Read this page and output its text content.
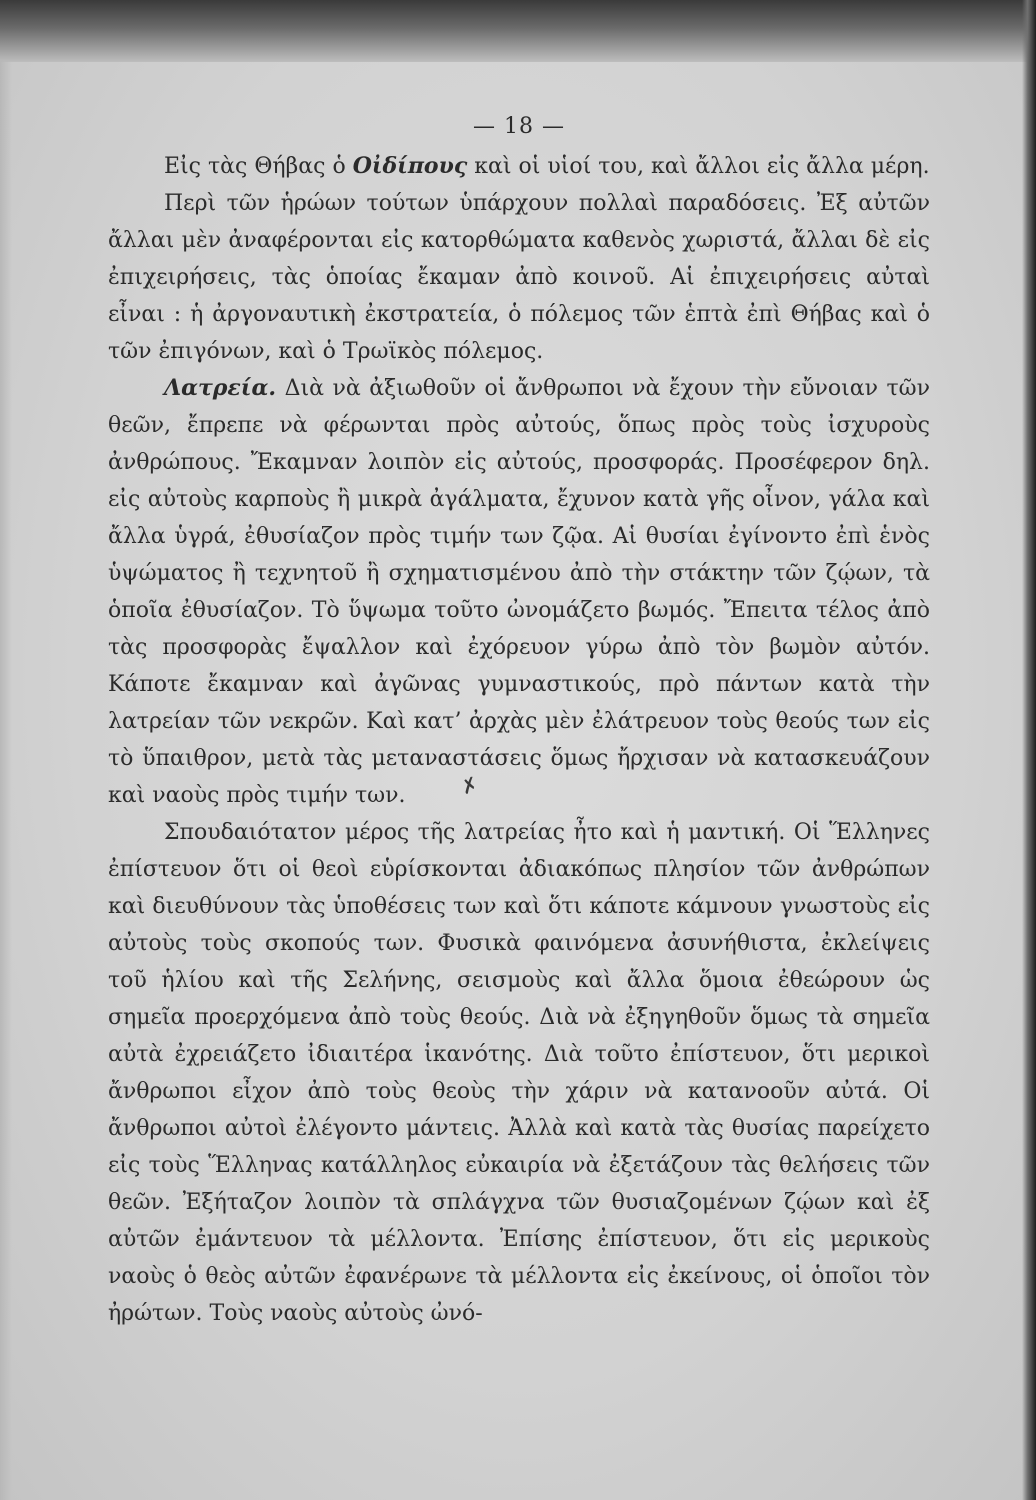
— 18 —

Εἰς τὰς Θήβας ὁ Οἰδίπους καὶ οἱ υἱοί του, καὶ ἄλλοι εἰς ἄλλα μέρη.

Περὶ τῶν ἡρώων τούτων ὑπάρχουν πολλαὶ παραδόσεις. Ἐξ αὐτῶν ἄλλαι μὲν ἀναφέρονται εἰς κατορθώματα καθενὸς χωριστά, ἄλλαι δὲ εἰς ἐπιχειρήσεις, τὰς ὁποίας ἔκαμαν ἀπὸ κοινοῦ. Αἱ ἐπιχειρήσεις αὐταὶ εἶναι : ἡ ἀργοναυτικὴ ἐκστρατεία, ὁ πόλεμος τῶν ἑπτὰ ἐπὶ Θήβας καὶ ὁ τῶν ἐπιγόνων, καὶ ὁ Τρωϊκὸς πόλεμος.

Λατρεία. Διὰ νὰ ἀξιωθοῦν οἱ ἄνθρωποι νὰ ἔχουν τὴν εὔνοιαν τῶν θεῶν, ἔπρεπε νὰ φέρωνται πρὸς αὐτούς, ὅπως πρὸς τοὺς ἰσχυροὺς ἀνθρώπους. Ἔκαμναν λοιπὸν εἰς αὐτούς, προσφοράς. Προσέφερον δηλ. εἰς αὐτοὺς καρποὺς ἢ μικρὰ ἀγάλματα, ἔχυνον κατὰ γῆς οἶνον, γάλα καὶ ἄλλα ὑγρά, ἐθυσίαζον πρὸς τιμήν των ζῷα. Αἱ θυσίαι ἐγίνοντο ἐπὶ ἑνὸς ὑψώματος ἢ τεχνητοῦ ἢ σχηματισμένου ἀπὸ τὴν στάκτην τῶν ζῴων, τὰ ὁποῖα ἐθυσίαζον. Τὸ ὕψωμα τοῦτο ὠνομάζετο βωμός. Ἔπειτα τέλος ἀπὸ τὰς προσφορὰς ἔψαλλον καὶ ἐχόρευον γύρω ἀπὸ τὸν βωμὸν αὐτόν. Κάποτε ἔκαμναν καὶ ἀγῶνας γυμναστικούς, πρὸ πάντων κατὰ τὴν λατρείαν τῶν νεκρῶν. Καὶ κατ’ ἀρχὰς μὲν ἐλάτρευον τοὺς θεούς των εἰς τὸ ὕπαιθρον, μετὰ τὰς μεταναστάσεις ὅμως ἤρχισαν νὰ κατασκευάζουν καὶ ναοὺς πρὸς τιμήν των.	✗

Σπουδαιότατον μέρος τῆς λατρείας ἦτο καὶ ἡ μαντική. Οἱ Ἕλληνες ἐπίστευον ὅτι οἱ θεοὶ εὑρίσκονται ἀδιακόπως πλησίον τῶν ἀνθρώπων καὶ διευθύνουν τὰς ὑποθέσεις των καὶ ὅτι κάποτε κάμνουν γνωστοὺς εἰς αὐτοὺς τοὺς σκοπούς των. Φυσικὰ φαινόμενα ἀσυνήθιστα, ἐκλείψεις τοῦ ἡλίου καὶ τῆς Σελήνης, σεισμοὺς καὶ ἄλλα ὅμοια ἐθεώρουν ὡς σημεῖα προερχόμενα ἀπὸ τοὺς θεούς. Διὰ νὰ ἐξηγηθοῦν ὅμως τὰ σημεῖα αὐτὰ ἐχρειάζετο ἰδιαιτέρα ἱκανότης. Διὰ τοῦτο ἐπίστευον, ὅτι μερικοὶ ἄνθρωποι εἶχον ἀπὸ τοὺς θεοὺς τὴν χάριν νὰ κατανοοῦν αὐτά. Οἱ ἄνθρωποι αὐτοὶ ἐλέγοντο μάντεις. Ἀλλὰ καὶ κατὰ τὰς θυσίας παρείχετο εἰς τοὺς Ἕλληνας κατάλληλος εὐκαιρία νὰ ἐξετάζουν τὰς θελήσεις τῶν θεῶν. Ἐξήταζον λοιπὸν τὰ σπλάγχνα τῶν θυσιαζομένων ζῴων καὶ ἐξ αὐτῶν ἐμάντευον τὰ μέλλοντα. Ἐπίσης ἐπίστευον, ὅτι εἰς μερικοὺς ναοὺς ὁ θεὸς αὐτῶν ἐφανέρωνε τὰ μέλλοντα εἰς ἐκείνους, οἱ ὁποῖοι τὸν ἠρώτων. Τοὺς ναοὺς αὐτοὺς ὠνό-
